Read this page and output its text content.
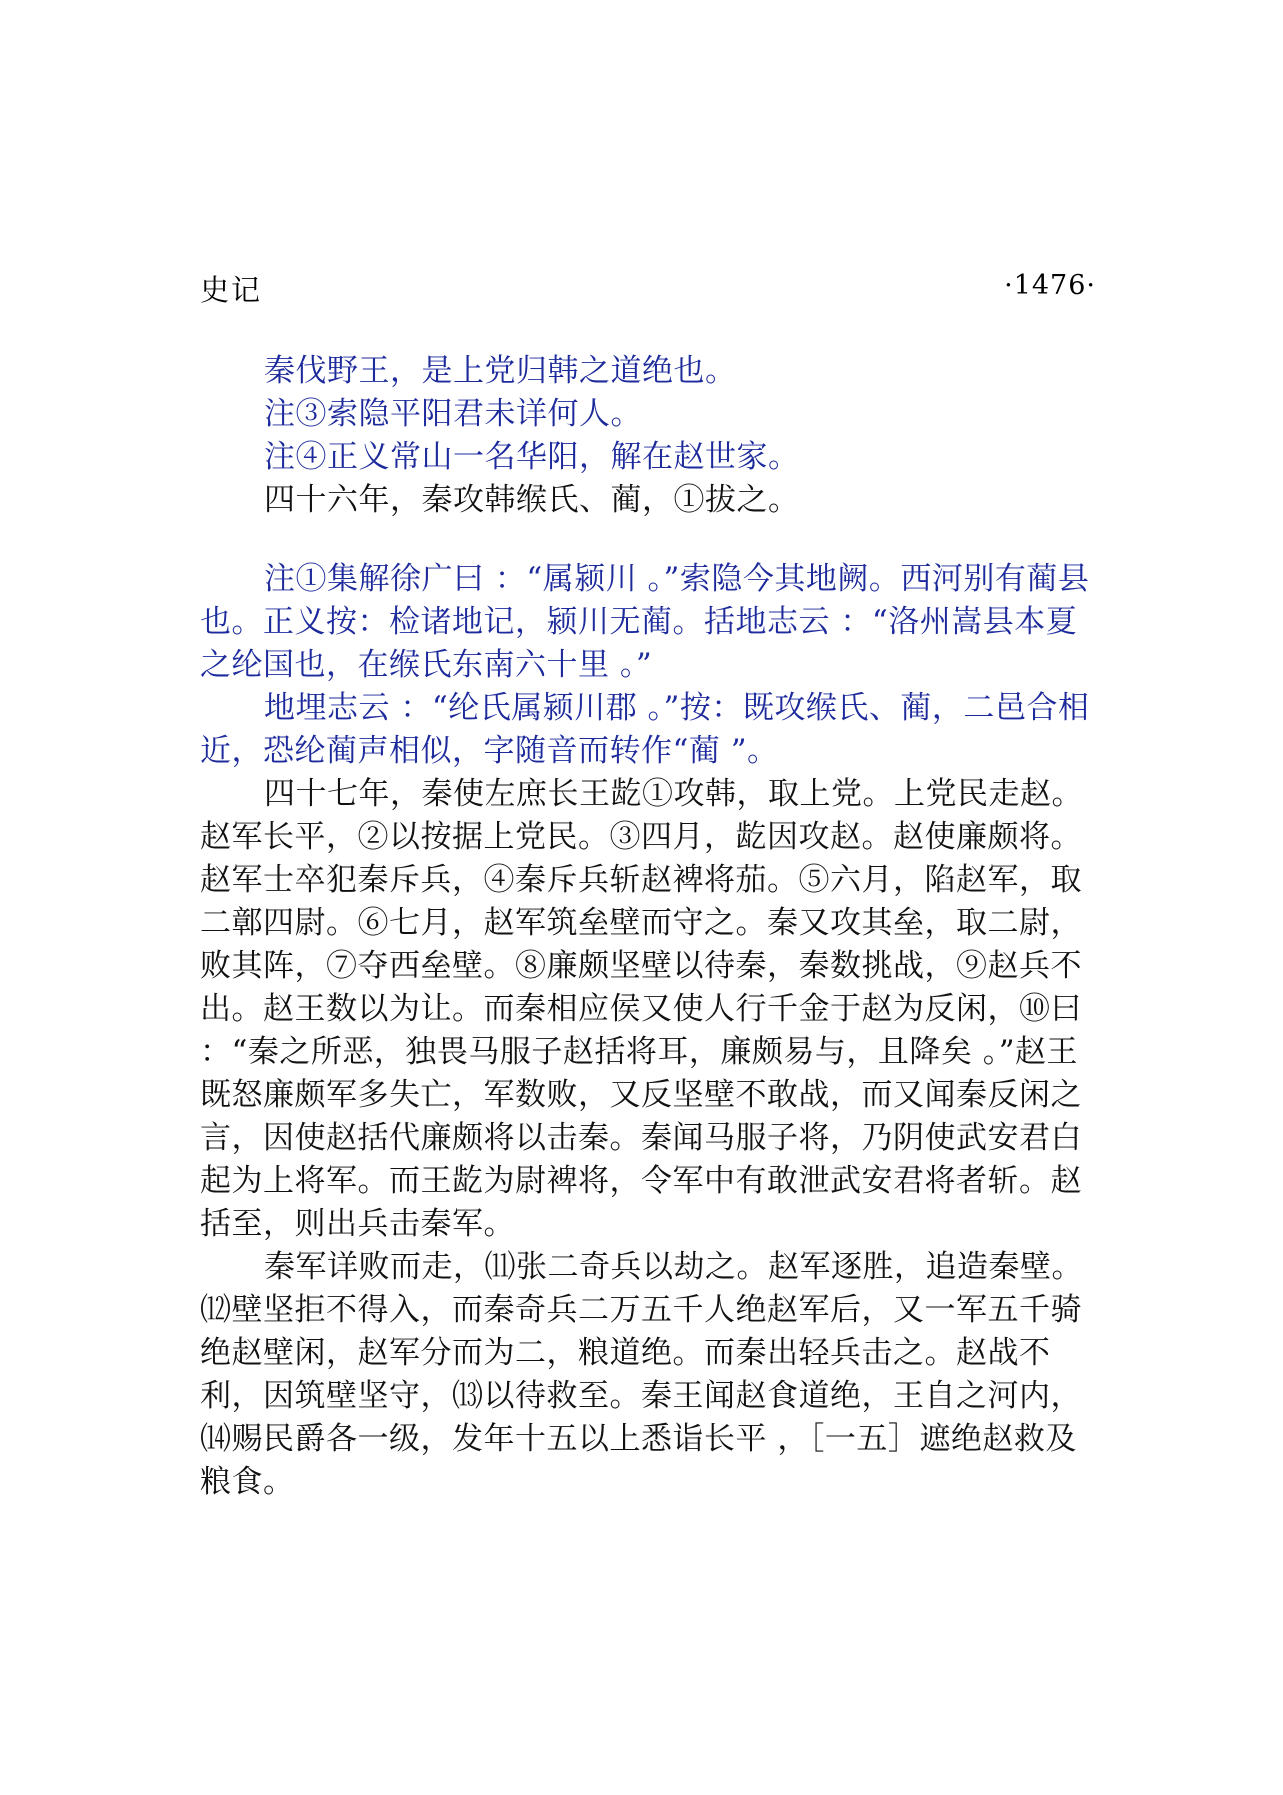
史记	·1476·

秦伐野王，是上党归韩之道绝也。

注③索隐平阳君未详何人。

注④正义常山一名华阳，解在赵世家。

四十六年，秦攻韩缑氏、蔺，①拔之。

注①集解徐广曰 ：“属颍川 。”索隐今其地阙。西河别有蔺县也。正义按：检诸地记，颍川无蔺。括地志云 ：“洛州嵩县本夏之纶国也，在缑氏东南六十里 。”

地埋志云 ：“纶氏属颍川郡 。”按：既攻缑氏、蔺，二邑合相近，恐纶蔺声相似，字随音而转作“蔺 ”。

四十七年，秦使左庶长王龁①攻韩，取上党。上党民走赵。赵军长平，②以按据上党民。③四月，龁因攻赵。赵使廉颇将。赵军士卒犯秦斥兵，④秦斥兵斩赵裨将茄。⑤六月，陷赵军，取二鄣四尉。⑥七月，赵军筑垒壁而守之。秦又攻其垒，取二尉，败其阵，⑦夺西垒壁。⑧廉颇坚壁以待秦，秦数挑战，⑨赵兵不出。赵王数以为让。而秦相应侯又使人行千金于赵为反闲，⑩曰 ：“秦之所恶，独畏马服子赵括将耳，廉颇易与，且降矣 。”赵王既怒廉颇军多失亡，军数败，又反坚壁不敢战，而又闻秦反闲之言，因使赵括代廉颇将以击秦。秦闻马服子将，乃阴使武安君白起为上将军。而王龁为尉裨将，令军中有敢泄武安君将者斩。赵括至，则出兵击秦军。

秦军详败而走，⑾张二奇兵以劫之。赵军逐胜，追造秦壁。⑿壁坚拒不得入，而秦奇兵二万五千人绝赵军后，又一军五千骑绝赵壁闲，赵军分而为二，粮道绝。而秦出轻兵击之。赵战不利，因筑壁坚守，⒀以待救至。秦王闻赵食道绝，王自之河内，⒁赐民爵各一级，发年十五以上悉诣长平 ，［一五］遮绝赵救及粮食。
